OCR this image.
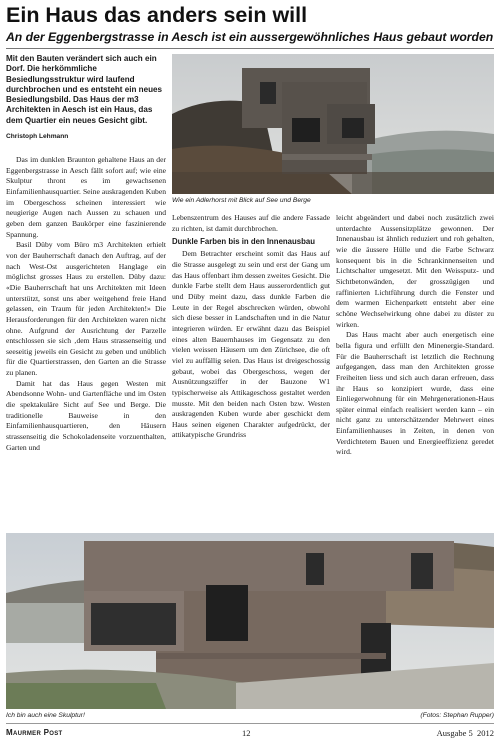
Ein Haus das anders sein will
An der Eggenbergstrasse in Aesch ist ein aussergewöhnliches Haus gebaut worden

Mit den Bauten verändert sich auch ein Dorf. Die herkömmliche Besiedlungsstruktur wird laufend durchbrochen und es entsteht ein neues Besiedlungsbild. Das Haus der m3 Architekten in Aesch ist ein Haus, das dem Quartier ein neues Gesicht gibt.

Christoph Lehmann

Das im dunklen Braunton gehaltene Haus an der Eggenbergstrasse in Aesch fällt sofort auf; wie eine Skulptur thront es im gewachsenen Einfamilienhausquartier. Seine auskragenden Kuben im Obergeschoss scheinen interessiert wie neugierige Augen nach Aussen zu schauen und geben dem ganzen Baukörper eine faszinierende Spannung.

Basil Düby vom Büro m3 Architekten erhielt von der Bauherrschaft danach den Auftrag, auf der nach West-Ost ausgerichteten Hanglage ein möglichst grosses Haus zu erstellen. Düby dazu: «Die Bauherrschaft hat uns Architekten mit Ideen unterstützt, sonst uns aber weitgehend freie Hand gelassen, ein Traum für jeden Architekten!» Die Herausforderungen für den Architekten waren nicht ohne. Aufgrund der Ausrichtung der Parzelle entschlossen sie sich ‚dem Haus strassenseitig und seeseitig jeweils ein Gesicht zu geben und unüblich für die Quartierstrassen, den Garten an die Strasse zu planen.

Damit hat das Haus gegen Westen mit Abendsonne Wohn- und Gartenfläche und im Osten die spektakuläre Sicht auf See und Berge. Die traditionelle Bauweise in den Einfamilienhausquartieren, den Häusern strassenseitig die Schokoladenseite vorzuenthalten, Garten und

Wie ein Adlerhorst mit Blick auf See und Berge

Lebenszentrum des Hauses auf die andere Fassade zu richten, ist damit durchbrochen.

Dunkle Farben bis in den Innenausbau

Dem Betrachter erscheint somit das Haus auf die Strasse ausgelegt zu sein und erst der Gang um das Haus offenbart ihm dessen zweites Gesicht. Die dunkle Farbe stellt dem Haus ausserordentlich gut und Düby meint dazu, dass dunkle Farben die Leute in der Regel abschrecken würden, obwohl sich diese besser in Landschaften und in die Natur integrieren würden. Er erwähnt dazu das Beispiel eines alten Bauernhauses im Gegensatz zu den vielen weissen Häusern um den Zürichsee, die oft viel zu auffällig seien. Das Haus ist dreigeschossig gebaut, wobei das Obergeschoss, wegen der Ausnützungsziffer in der Bauzone W1 typischerweise als Attikageschoss gestaltet werden musste. Mit den beiden nach Osten bzw. Westen auskragenden Kuben wurde aber geschickt dem Haus seinen eigenen Charakter aufgedrückt, der attikatypische Grundriss

leicht abgeändert und dabei noch zusätzlich zwei unterdachte Aussensitzplätze gewonnen. Der Innenausbau ist ähnlich reduziert und roh gehalten, wie die äussere Hülle und die Farbe Schwarz konsequent bis in die Schrankinnenseiten und Lichtschalter umgesetzt. Mit den Weissputz- und Sichtbetonwänden, der grosszügigen und raffinierten Lichtführung durch die Fenster und dem warmen Eichenparkett entsteht aber eine schöne Wechselwirkung ohne dabei zu düster zu wirken.

Das Haus macht aber auch energetisch eine bella figura und erfüllt den Minenergie-Standard. Für die Bauherrschaft ist letztlich die Rechnung aufgegangen, dass man den Architekten grosse Freiheiten liess und sich auch daran erfreuen, dass ihr Haus so konzipiert wurde, dass eine Einliegerwohnung für ein Mehrgenerationen-Haus später einmal einfach realisiert werden kann – ein nicht ganz zu unterschätzender Mehrwert eines Einfamilienhauses in Zeiten, in denen von Verdichtetem Bauen und Energieeffizienz geredet wird.

Ich bin auch eine Skulptur!	(Fotos: Stephan Rupper)

Maurmer Post	12	Ausgabe 5 2012
